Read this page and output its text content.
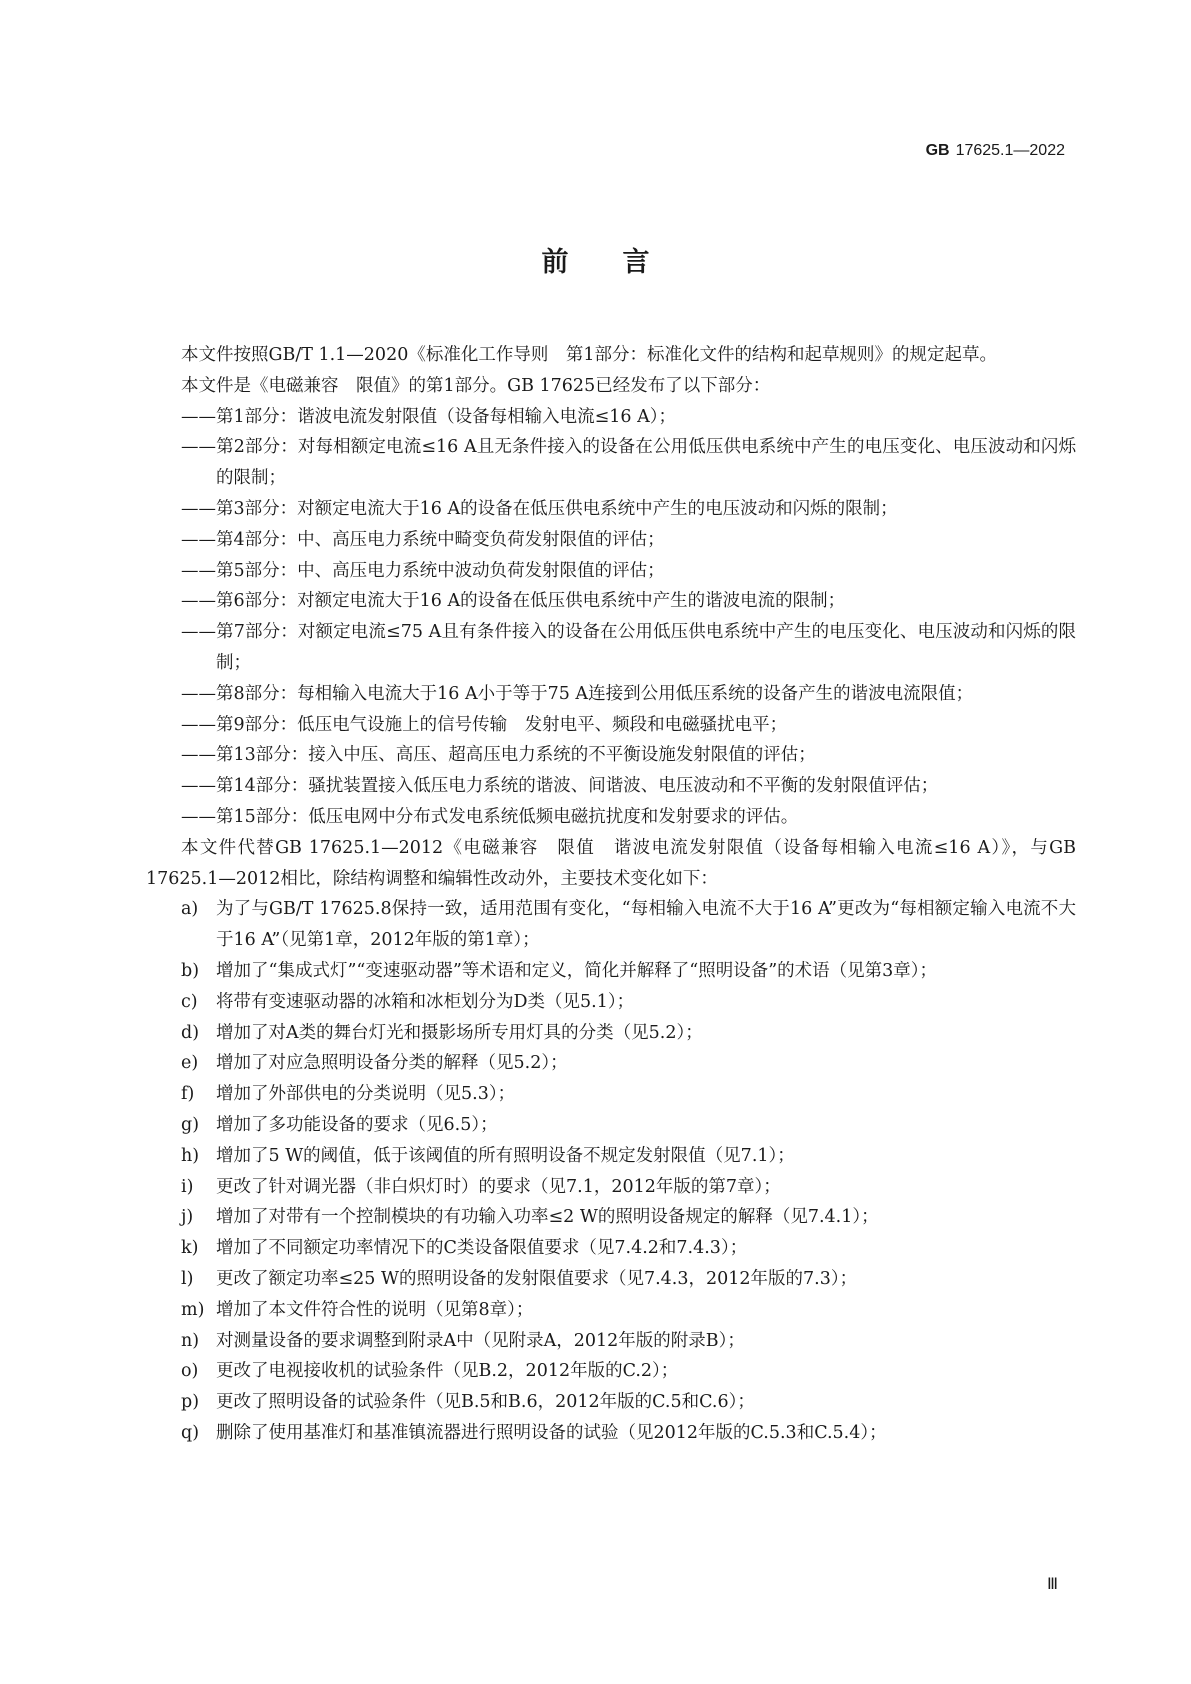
GB 17625.1—2022
前言

本文件按照GB/T 1.1—2020《标准化工作导则　第1部分：标准化文件的结构和起草规则》的规定起草。

本文件是《电磁兼容　限值》的第1部分。GB 17625已经发布了以下部分：

——第1部分：谐波电流发射限值（设备每相输入电流≤16 A）；

——第2部分：对每相额定电流≤16 A且无条件接入的设备在公用低压供电系统中产生的电压变化、电压波动和闪烁的限制；

——第3部分：对额定电流大于16 A的设备在低压供电系统中产生的电压波动和闪烁的限制；

——第4部分：中、高压电力系统中畸变负荷发射限值的评估；

——第5部分：中、高压电力系统中波动负荷发射限值的评估；

——第6部分：对额定电流大于16 A的设备在低压供电系统中产生的谐波电流的限制；

——第7部分：对额定电流≤75 A且有条件接入的设备在公用低压供电系统中产生的电压变化、电压波动和闪烁的限制；

——第8部分：每相输入电流大于16 A小于等于75 A连接到公用低压系统的设备产生的谐波电流限值；

——第9部分：低压电气设施上的信号传输　发射电平、频段和电磁骚扰电平；

——第13部分：接入中压、高压、超高压电力系统的不平衡设施发射限值的评估；

——第14部分：骚扰装置接入低压电力系统的谐波、间谐波、电压波动和不平衡的发射限值评估；

——第15部分：低压电网中分布式发电系统低频电磁抗扰度和发射要求的评估。

本文件代替GB 17625.1—2012《电磁兼容　限值　谐波电流发射限值（设备每相输入电流≤16 A）》，与GB 17625.1—2012相比，除结构调整和编辑性改动外，主要技术变化如下：

a) 为了与GB/T 17625.8保持一致，适用范围有变化，“每相输入电流不大于16 A”更改为“每相额定输入电流不大于16 A”（见第1章，2012年版的第1章）；

b) 增加了“集成式灯”“变速驱动器”等术语和定义，简化并解释了“照明设备”的术语（见第3章）；

c) 将带有变速驱动器的冰箱和冰柜划分为D类（见5.1）；

d) 增加了对A类的舞台灯光和摄影场所专用灯具的分类（见5.2）；

e) 增加了对应急照明设备分类的解释（见5.2）；

f) 增加了外部供电的分类说明（见5.3）；

g) 增加了多功能设备的要求（见6.5）；

h) 增加了5 W的阈值，低于该阈值的所有照明设备不规定发射限值（见7.1）；

i) 更改了针对调光器（非白炽灯时）的要求（见7.1，2012年版的第7章）；

j) 增加了对带有一个控制模块的有功输入功率≤2 W的照明设备规定的解释（见7.4.1）；

k) 增加了不同额定功率情况下的C类设备限值要求（见7.4.2和7.4.3）；

l) 更改了额定功率≤25 W的照明设备的发射限值要求（见7.4.3，2012年版的7.3）；

m) 增加了本文件符合性的说明（见第8章）；

n) 对测量设备的要求调整到附录A中（见附录A，2012年版的附录B）；

o) 更改了电视接收机的试验条件（见B.2，2012年版的C.2）；

p) 更改了照明设备的试验条件（见B.5和B.6，2012年版的C.5和C.6）；

q) 删除了使用基准灯和基准镇流器进行照明设备的试验（见2012年版的C.5.3和C.5.4）；

Ⅲ
